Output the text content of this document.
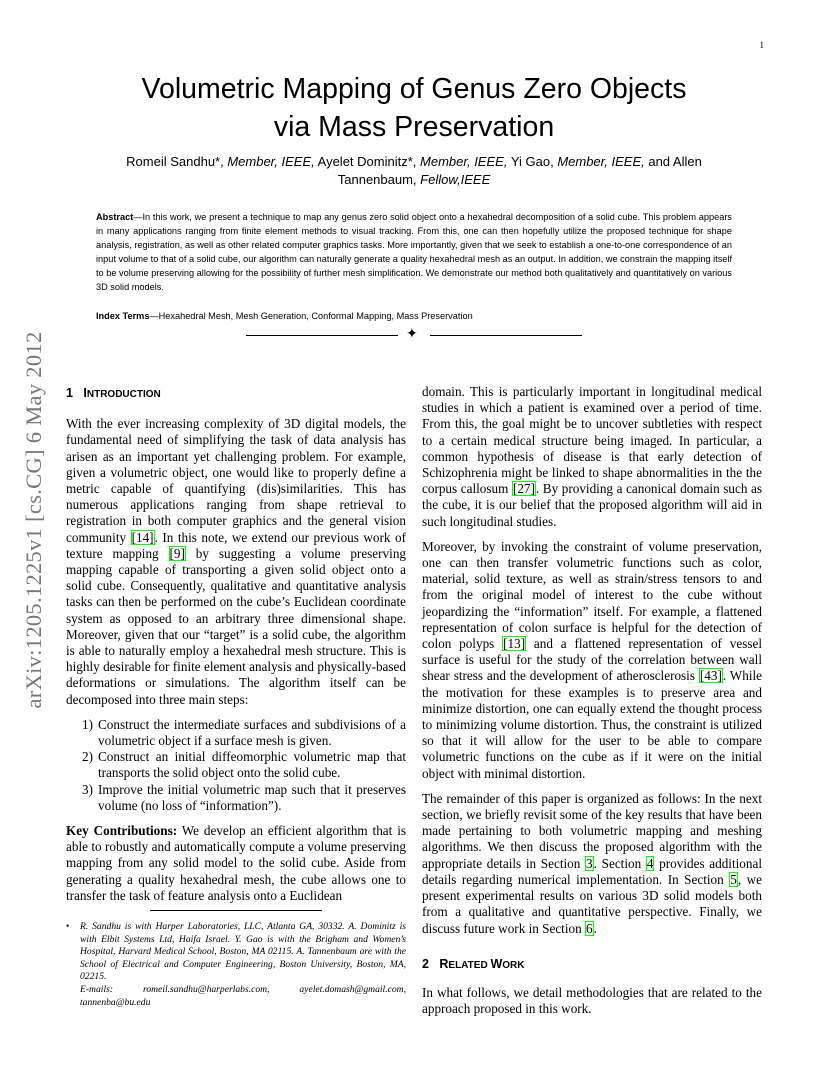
1
arXiv:1205.1225v1 [cs.CG] 6 May 2012
Volumetric Mapping of Genus Zero Objects
via Mass Preservation
Romeil Sandhu*, Member, IEEE, Ayelet Dominitz*, Member, IEEE, Yi Gao, Member, IEEE, and Allen Tannenbaum, Fellow,IEEE
Abstract—In this work, we present a technique to map any genus zero solid object onto a hexahedral decomposition of a solid cube. This problem appears in many applications ranging from finite element methods to visual tracking. From this, one can then hopefully utilize the proposed technique for shape analysis, registration, as well as other related computer graphics tasks. More importantly, given that we seek to establish a one-to-one correspondence of an input volume to that of a solid cube, our algorithm can naturally generate a quality hexahedral mesh as an output. In addition, we constrain the mapping itself to be volume preserving allowing for the possibility of further mesh simplification. We demonstrate our method both qualitatively and quantitatively on various 3D solid models.
Index Terms—Hexahedral Mesh, Mesh Generation, Conformal Mapping, Mass Preservation
✦
1 INTRODUCTION

With the ever increasing complexity of 3D digital models, the fundamental need of simplifying the task of data analysis has arisen as an important yet challenging problem. For example, given a volumetric object, one would like to properly define a metric capable of quantifying (dis)similarities. This has numerous applications ranging from shape retrieval to registration in both computer graphics and the general vision community [14]. In this note, we extend our previous work of texture mapping [9] by suggesting a volume preserving mapping capable of transporting a given solid object onto a solid cube. Consequently, qualitative and quantitative analysis tasks can then be performed on the cube’s Euclidean coordinate system as opposed to an arbitrary three dimensional shape. Moreover, given that our “target” is a solid cube, the algorithm is able to naturally employ a hexahedral mesh structure. This is highly desirable for finite element analysis and physically-based deformations or simulations. The algorithm itself can be decomposed into three main steps:

1) Construct the intermediate surfaces and subdivisions of a volumetric object if a surface mesh is given.
2) Construct an initial diffeomorphic volumetric map that transports the solid object onto the solid cube.
3) Improve the initial volumetric map such that it preserves volume (no loss of “information”).

Key Contributions: We develop an efficient algorithm that is able to robustly and automatically compute a volume preserving mapping from any solid model to the solid cube. Aside from generating a quality hexahedral mesh, the cube allows one to transfer the task of feature analysis onto a Euclidean

•	R. Sandhu is with Harper Laboratories, LLC, Atlanta GA, 30332. A. Dominitz is with Elbit Systems Ltd, Haifa Israel. Y. Gao is with the Brigham and Women’s Hospital, Harvard Medical School, Boston, MA 02115. A. Tannenbaum are with the School of Electrical and Computer Engineering, Boston University, Boston, MA, 02215.
E-mails: romeil.sandhu@harperlabs.com, ayelet.domash@gmail.com, tannenba@bu.edu

domain. This is particularly important in longitudinal medical studies in which a patient is examined over a period of time. From this, the goal might be to uncover subtleties with respect to a certain medical structure being imaged. In particular, a common hypothesis of disease is that early detection of Schizophrenia might be linked to shape abnormalities in the the corpus callosum [27]. By providing a canonical domain such as the cube, it is our belief that the proposed algorithm will aid in such longitudinal studies.

Moreover, by invoking the constraint of volume preservation, one can then transfer volumetric functions such as color, material, solid texture, as well as strain/stress tensors to and from the original model of interest to the cube without jeopardizing the “information” itself. For example, a flattened representation of colon surface is helpful for the detection of colon polyps [13] and a flattened representation of vessel surface is useful for the study of the correlation between wall shear stress and the development of atherosclerosis [43]. While the motivation for these examples is to preserve area and minimize distortion, one can equally extend the thought process to minimizing volume distortion. Thus, the constraint is utilized so that it will allow for the user to be able to compare volumetric functions on the cube as if it were on the initial object with minimal distortion.

The remainder of this paper is organized as follows: In the next section, we briefly revisit some of the key results that have been made pertaining to both volumetric mapping and meshing algorithms. We then discuss the proposed algorithm with the appropriate details in Section 3. Section 4 provides additional details regarding numerical implementation. In Section 5, we present experimental results on various 3D solid models both from a qualitative and quantitative perspective. Finally, we discuss future work in Section 6.

2 RELATED WORK

In what follows, we detail methodologies that are related to the approach proposed in this work.
